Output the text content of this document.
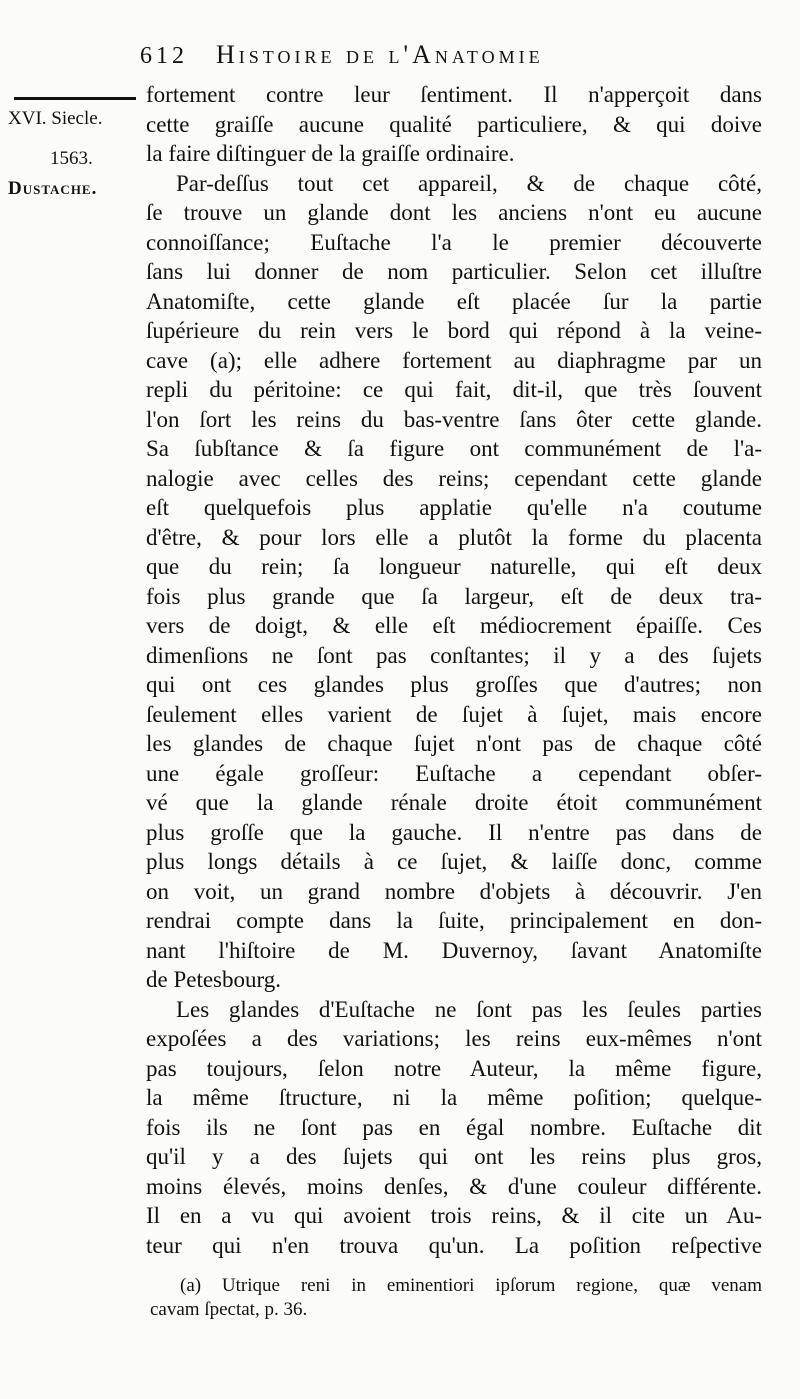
612 Histoire de l'Anatomie
XVI. Siecle.
1563.
Dustache.
fortement contre leur ſentiment. Il n'apperçoit dans
cette graiſſe aucune qualité particuliere, & qui doive
la faire diſtinguer de la graiſſe ordinaire.
Par-deſſus tout cet appareil, & de chaque côté,
ſe trouve un glande dont les anciens n'ont eu aucune
connoiſſance; Euſtache l'a le premier découverte
ſans lui donner de nom particulier. Selon cet illuſtre
Anatomiſte, cette glande eſt placée ſur la partie
ſupérieure du rein vers le bord qui répond à la veine-
cave (a); elle adhere fortement au diaphragme par un
repli du péritoine: ce qui fait, dit-il, que très ſouvent
l'on ſort les reins du bas-ventre ſans ôter cette glande.
Sa ſubſtance & ſa figure ont communément de l'a-
nalogie avec celles des reins; cependant cette glande
eſt quelquefois plus applatie qu'elle n'a coutume
d'être, & pour lors elle a plutôt la forme du placenta
que du rein; ſa longueur naturelle, qui eſt deux
fois plus grande que ſa largeur, eſt de deux tra-
vers de doigt, & elle eſt médiocrement épaiſſe. Ces
dimenſions ne ſont pas conſtantes; il y a des ſujets
qui ont ces glandes plus groſſes que d'autres; non
ſeulement elles varient de ſujet à ſujet, mais encore
les glandes de chaque ſujet n'ont pas de chaque côté
une égale groſſeur: Euſtache a cependant obſer-
vé que la glande rénale droite étoit communément
plus groſſe que la gauche. Il n'entre pas dans de
plus longs détails à ce ſujet, & laiſſe donc, comme
on voit, un grand nombre d'objets à découvrir. J'en
rendrai compte dans la ſuite, principalement en don-
nant l'hiſtoire de M. Duvernoy, ſavant Anatomiſte
de Petesbourg.
Les glandes d'Euſtache ne ſont pas les ſeules parties
expoſées a des variations; les reins eux-mêmes n'ont
pas toujours, ſelon notre Auteur, la même figure,
la même ſtructure, ni la même poſition; quelque-
fois ils ne ſont pas en égal nombre. Euſtache dit
qu'il y a des ſujets qui ont les reins plus gros,
moins élevés, moins denſes, & d'une couleur différente.
Il en a vu qui avoient trois reins, & il cite un Au-
teur qui n'en trouva qu'un. La poſition reſpective
(a) Utrique reni in eminentiori ipſorum regione, quæ venam
cavam ſpectat, p. 36.
